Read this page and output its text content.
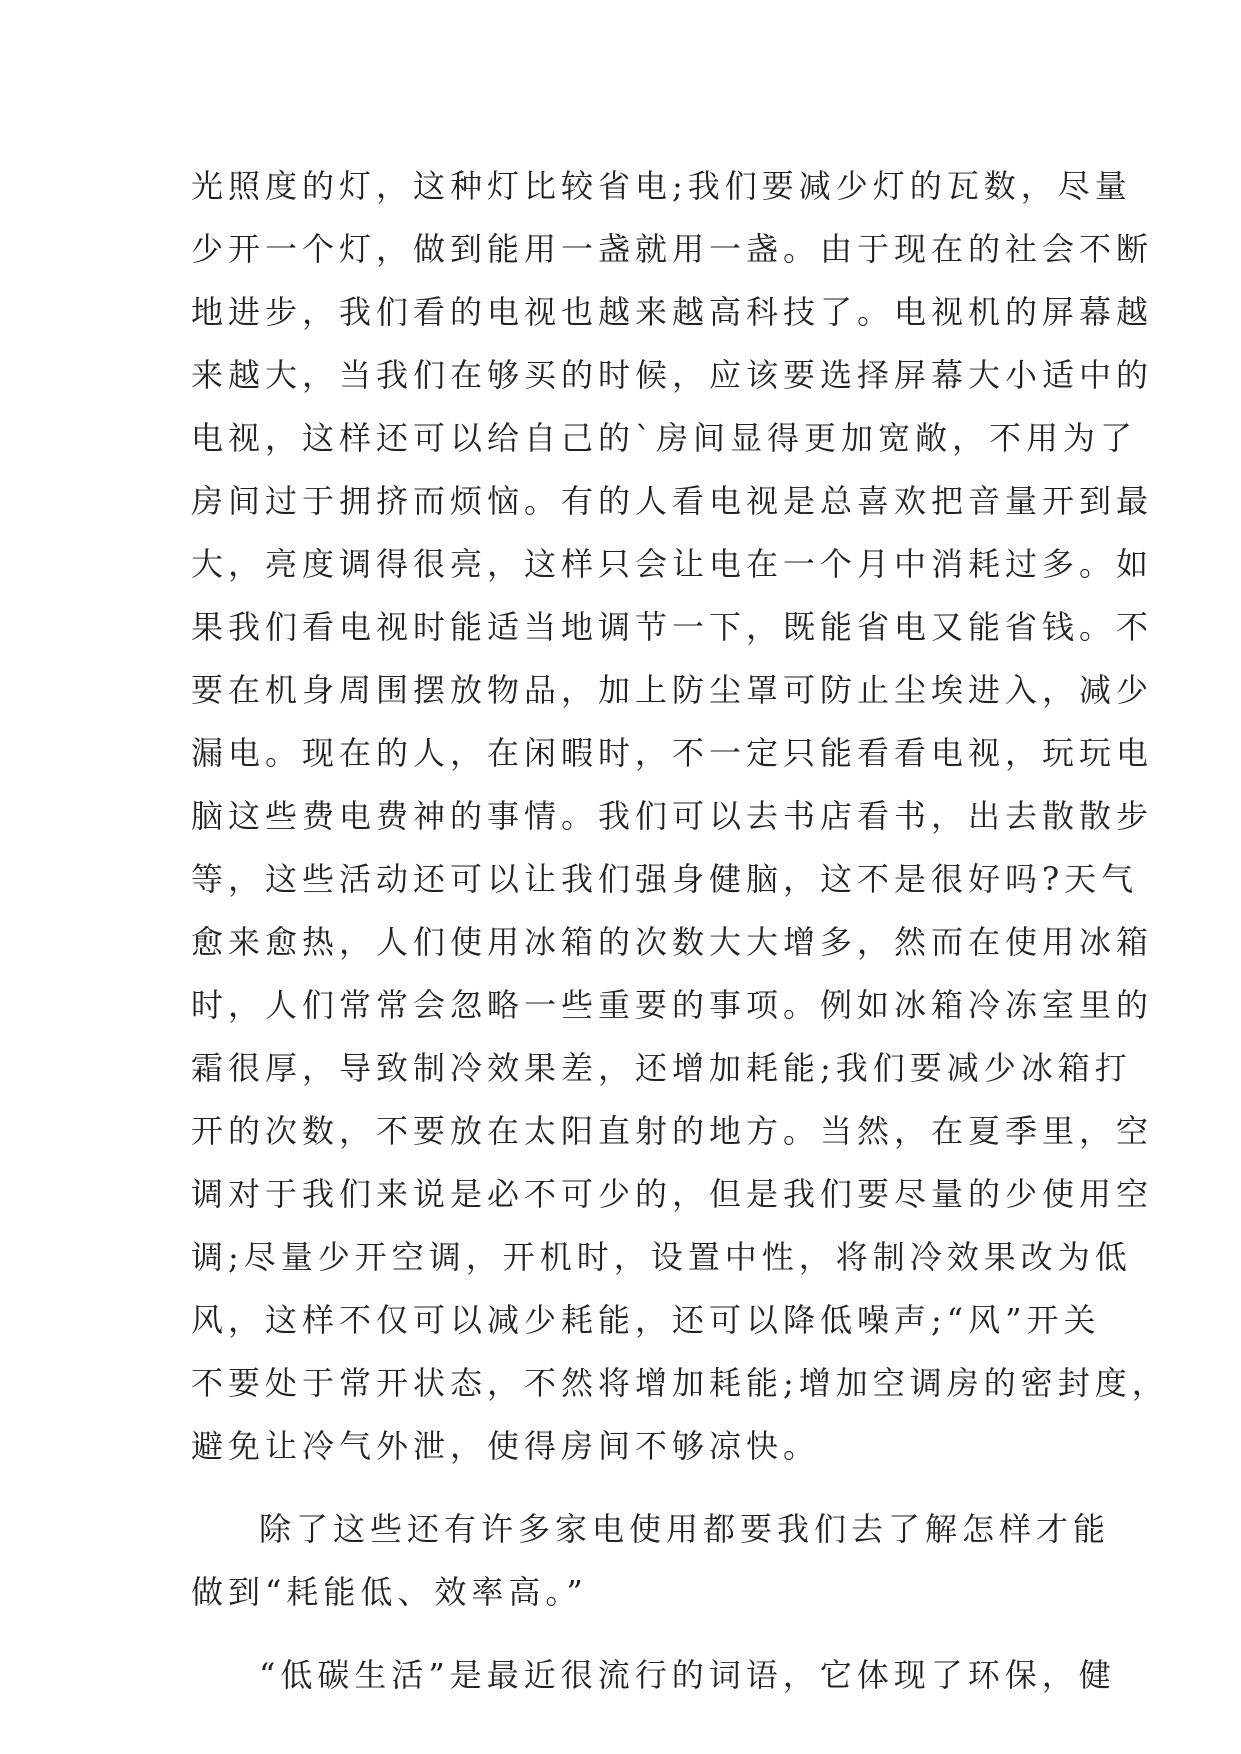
光照度的灯，这种灯比较省电;我们要减少灯的瓦数，尽量
少开一个灯，做到能用一盏就用一盏。由于现在的社会不断
地进步，我们看的电视也越来越高科技了。电视机的屏幕越
来越大，当我们在够买的时候，应该要选择屏幕大小适中的
电视，这样还可以给自己的`房间显得更加宽敞，不用为了
房间过于拥挤而烦恼。有的人看电视是总喜欢把音量开到最
大，亮度调得很亮，这样只会让电在一个月中消耗过多。如
果我们看电视时能适当地调节一下，既能省电又能省钱。不
要在机身周围摆放物品，加上防尘罩可防止尘埃进入，减少
漏电。现在的人，在闲暇时，不一定只能看看电视，玩玩电
脑这些费电费神的事情。我们可以去书店看书，出去散散步
等，这些活动还可以让我们强身健脑，这不是很好吗?天气
愈来愈热，人们使用冰箱的次数大大增多，然而在使用冰箱
时，人们常常会忽略一些重要的事项。例如冰箱冷冻室里的
霜很厚，导致制冷效果差，还增加耗能;我们要减少冰箱打
开的次数，不要放在太阳直射的地方。当然，在夏季里，空
调对于我们来说是必不可少的，但是我们要尽量的少使用空
调;尽量少开空调，开机时，设置中性，将制冷效果改为低
风，这样不仅可以减少耗能，还可以降低噪声;“风”开关
不要处于常开状态，不然将增加耗能;增加空调房的密封度，
避免让冷气外泄，使得房间不够凉快。
除了这些还有许多家电使用都要我们去了解怎样才能
做到“耗能低、效率高。”
“低碳生活”是最近很流行的词语，它体现了环保，健
